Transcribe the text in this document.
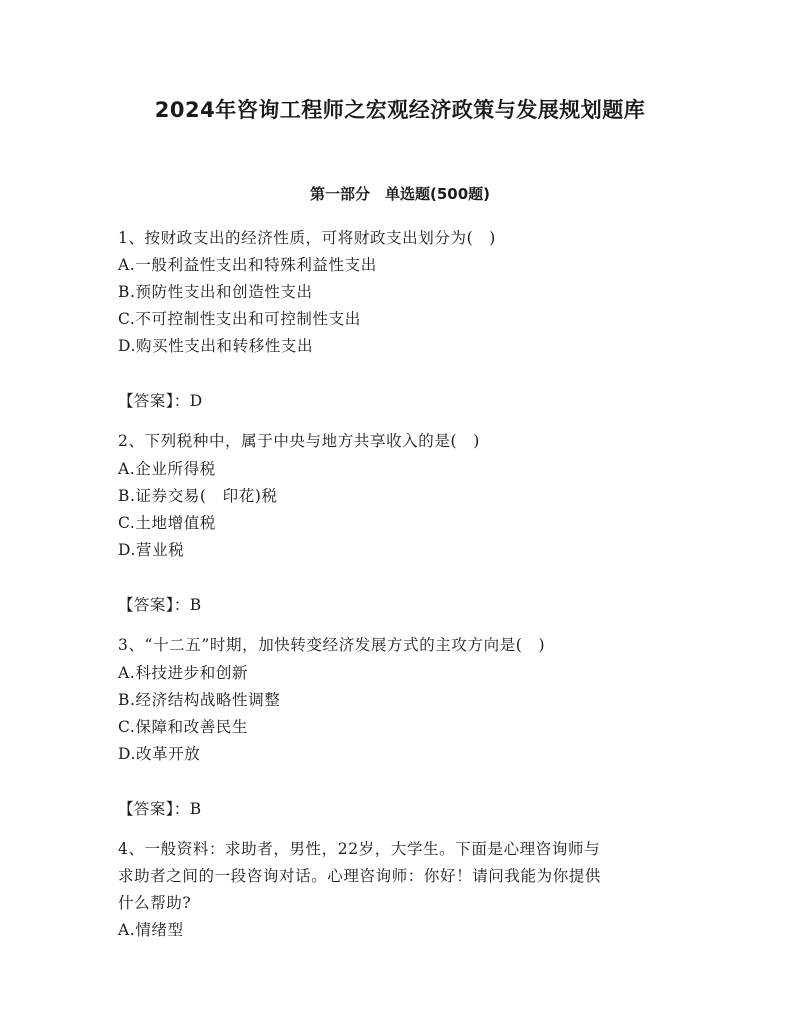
2024年咨询工程师之宏观经济政策与发展规划题库
第一部分　单选题(500题)
1、按财政支出的经济性质，可将财政支出划分为(　)
A.一般利益性支出和特殊利益性支出
B.预防性支出和创造性支出
C.不可控制性支出和可控制性支出
D.购买性支出和转移性支出
【答案】：D
2、下列税种中，属于中央与地方共享收入的是(　)
A.企业所得税
B.证券交易(　印花)税
C.土地增值税
D.营业税
【答案】：B
3、“十二五”时期，加快转变经济发展方式的主攻方向是(　)
A.科技进步和创新
B.经济结构战略性调整
C.保障和改善民生
D.改革开放
【答案】：B
4、一般资料：求助者，男性，22岁，大学生。下面是心理咨询师与
求助者之间的一段咨询对话。心理咨询师：你好！请问我能为你提供
什么帮助?
A.情绪型
